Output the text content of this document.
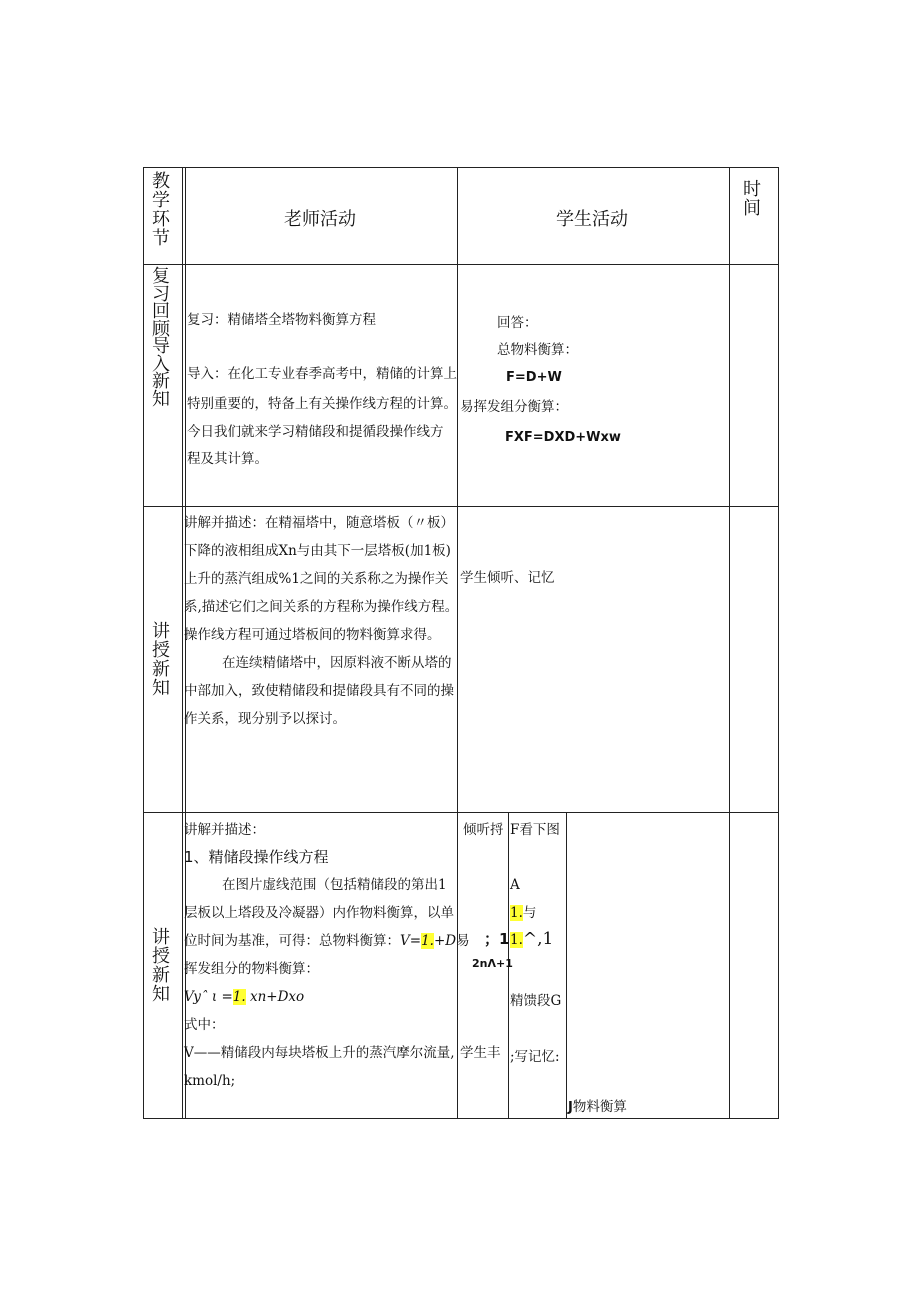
教
学
环
节
老师活动	学生活动
时
间
复
习
回
顾
导
入
新
知
复习：精储塔全塔物料衡算方程
导入：在化工专业春季高考中，精储的计算上
特别重要的，特备上有关操作线方程的计算。
今日我们就来学习精储段和提循段操作线方
程及其计算。
回答：
总物料衡算：
F=D+W
易挥发组分衡算：
FXF=DXD+Wxw
讲
授
新
知
讲解并描述：在精福塔中，随意塔板（〃板）
下降的液相组成Xn与由其下一层塔板(加1板)
上升的蒸汽组成%1之间的关系称之为操作关
系,描述它们之间关系的方程称为操作线方程。
操作线方程可通过塔板间的物料衡算求得。
在连续精储塔中，因原料液不断从塔的
中部加入，致使精储段和提储段具有不同的操
作关系，现分别予以探讨。
学生倾听、记忆
讲
授
新
知
讲解并描述：
1、精储段操作线方程
在图片虚线范围（包括精储段的第出1
层板以上塔段及冷凝器）内作物料衡算，以单
位时间为基准，可得：总物料衡算：V=1.+D易
挥发组分的物料衡算：
Vyˆ ι =1. xn+Dxo
式中：
V——精储段内每块塔板上升的蒸汽摩尔流量,
kmol/h;
倾听捋
；1
2nΛ+1
学生丰
F看下图
A
1.与
1.^,1
精馈段G
;写记忆:
J物料衡算
